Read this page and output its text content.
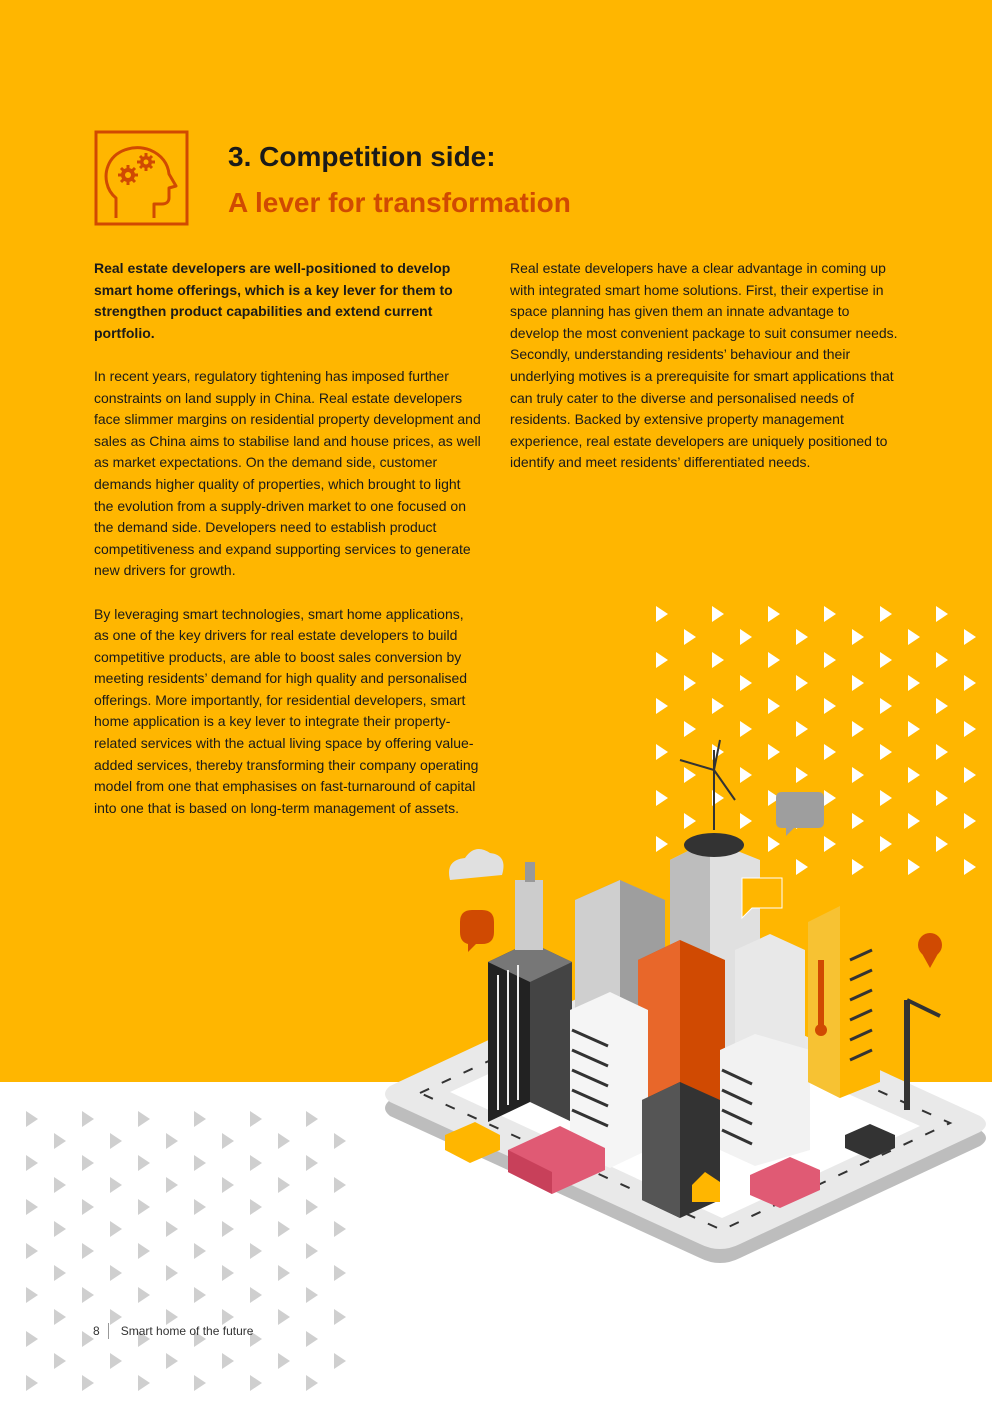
3. Competition side:
A lever for transformation

Real estate developers are well-positioned to develop smart home offerings, which is a key lever for them to strengthen product capabilities and extend current portfolio.

In recent years, regulatory tightening has imposed further constraints on land supply in China. Real estate developers face slimmer margins on residential property development and sales as China aims to stabilise land and house prices, as well as market expectations. On the demand side, customer demands higher quality of properties, which brought to light the evolution from a supply-driven market to one focused on the demand side. Developers need to establish product competitiveness and expand supporting services to generate new drivers for growth.

By leveraging smart technologies, smart home applications, as one of the key drivers for real estate developers to build competitive products, are able to boost sales conversion by meeting residents’ demand for high quality and personalised offerings. More importantly, for residential developers, smart home application is a key lever to integrate their property-related services with the actual living space by offering value-added services, thereby transforming their company operating model from one that emphasises on fast-turnaround of capital into one that is based on long-term management of assets.

Real estate developers have a clear advantage in coming up with integrated smart home solutions. First, their expertise in space planning has given them an innate advantage to develop the most convenient package to suit consumer needs. Secondly, understanding residents’ behaviour and their underlying motives is a prerequisite for smart applications that can truly cater to the diverse and personalised needs of residents. Backed by extensive property management experience, real estate developers are uniquely positioned to identify and meet residents’ differentiated needs.

8 Smart home of the future
